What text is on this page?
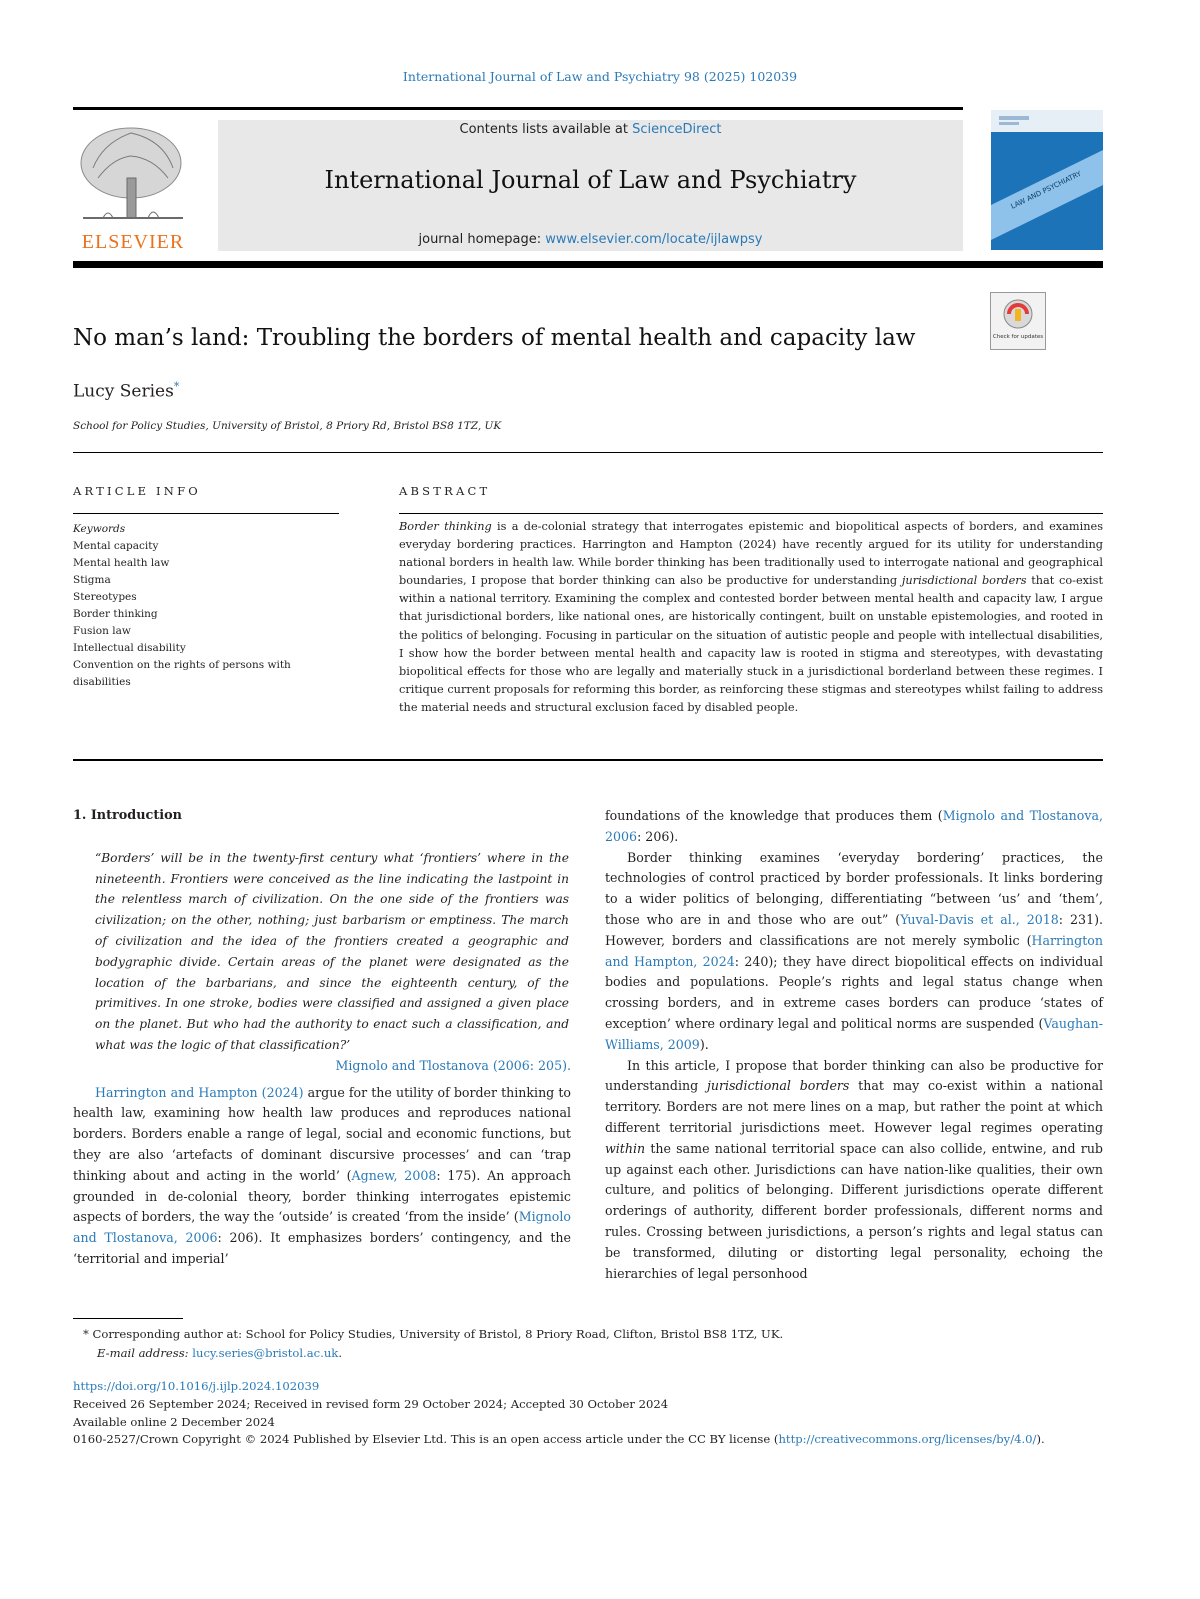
International Journal of Law and Psychiatry 98 (2025) 102039
ELSEVIER
Contents lists available at ScienceDirect
International Journal of Law and Psychiatry
journal homepage: www.elsevier.com/locate/ijlawpsy
LAW AND PSYCHIATRY
Check for updates
No man’s land: Troubling the borders of mental health and capacity law
Lucy Series*
School for Policy Studies, University of Bristol, 8 Priory Rd, Bristol BS8 1TZ, UK
ARTICLE INFO	ABSTRACT
Keywords
Mental capacity
Mental health law
Stigma
Stereotypes
Border thinking
Fusion law
Intellectual disability
Convention on the rights of persons with disabilities
Border thinking is a de-colonial strategy that interrogates epistemic and biopolitical aspects of borders, and examines everyday bordering practices. Harrington and Hampton (2024) have recently argued for its utility for understanding national borders in health law. While border thinking has been traditionally used to interrogate national and geographical boundaries, I propose that border thinking can also be productive for understanding jurisdictional borders that co-exist within a national territory. Examining the complex and contested border between mental health and capacity law, I argue that jurisdictional borders, like national ones, are historically contingent, built on unstable epistemologies, and rooted in the politics of belonging. Focusing in particular on the situation of autistic people and people with intellectual disabilities, I show how the border between mental health and capacity law is rooted in stigma and stereotypes, with devastating biopolitical effects for those who are legally and materially stuck in a jurisdictional borderland between these regimes. I critique current proposals for reforming this border, as reinforcing these stigmas and stereotypes whilst failing to address the material needs and structural exclusion faced by disabled people.
1. Introduction

“Borders’ will be in the twenty-first century what ‘frontiers’ where in the nineteenth. Frontiers were conceived as the line indicating the lastpoint in the relentless march of civilization. On the one side of the frontiers was civilization; on the other, nothing; just barbarism or emptiness. The march of civilization and the idea of the frontiers created a geographic and bodygraphic divide. Certain areas of the planet were designated as the location of the barbarians, and since the eighteenth century, of the primitives. In one stroke, bodies were classified and assigned a given place on the planet. But who had the authority to enact such a classification, and what was the logic of that classification?’

Mignolo and Tlostanova (2006: 205).

Harrington and Hampton (2024) argue for the utility of border thinking to health law, examining how health law produces and reproduces national borders. Borders enable a range of legal, social and economic functions, but they are also ‘artefacts of dominant discursive processes’ and can ‘trap thinking about and acting in the world’ (Agnew, 2008: 175). An approach grounded in de-colonial theory, border thinking interrogates epistemic aspects of borders, the way the ‘outside’ is created ‘from the inside’ (Mignolo and Tlostanova, 2006: 206). It emphasizes borders’ contingency, and the ‘territorial and imperial’

foundations of the knowledge that produces them (Mignolo and Tlostanova, 2006: 206).

Border thinking examines ‘everyday bordering’ practices, the technologies of control practiced by border professionals. It links bordering to a wider politics of belonging, differentiating “between ‘us’ and ‘them’, those who are in and those who are out” (Yuval-Davis et al., 2018: 231). However, borders and classifications are not merely symbolic (Harrington and Hampton, 2024: 240); they have direct biopolitical effects on individual bodies and populations. People’s rights and legal status change when crossing borders, and in extreme cases borders can produce ‘states of exception’ where ordinary legal and political norms are suspended (Vaughan-Williams, 2009).

In this article, I propose that border thinking can also be productive for understanding jurisdictional borders that may co-exist within a national territory. Borders are not mere lines on a map, but rather the point at which different territorial jurisdictions meet. However legal regimes operating within the same national territorial space can also collide, entwine, and rub up against each other. Jurisdictions can have nation-like qualities, their own culture, and politics of belonging. Different jurisdictions operate different orderings of authority, different border professionals, different norms and rules. Crossing between jurisdictions, a person’s rights and legal status can be transformed, diluting or distorting legal personality, echoing the hierarchies of legal personhood

* Corresponding author at: School for Policy Studies, University of Bristol, 8 Priory Road, Clifton, Bristol BS8 1TZ, UK.
E-mail address: lucy.series@bristol.ac.uk.
https://doi.org/10.1016/j.ijlp.2024.102039
Received 26 September 2024; Received in revised form 29 October 2024; Accepted 30 October 2024
Available online 2 December 2024
0160-2527/Crown Copyright © 2024 Published by Elsevier Ltd. This is an open access article under the CC BY license (http://creativecommons.org/licenses/by/4.0/).
